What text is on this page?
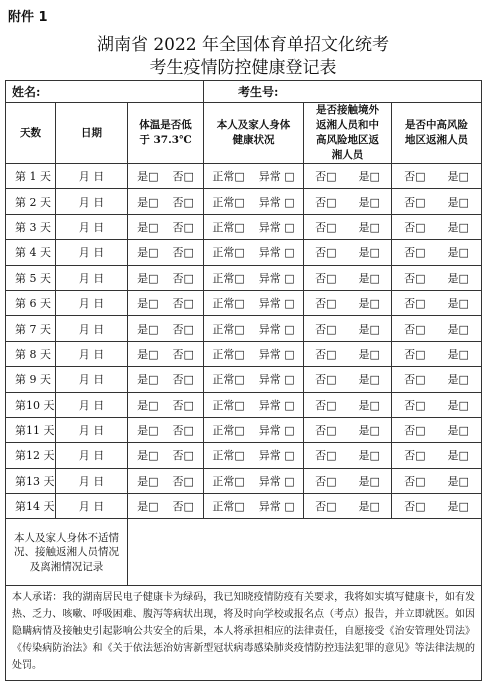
附件 1
湖南省 2022 年全国体育单招文化统考
考生疫情防控健康登记表
姓名:			考生号:		
天数	日期	体温是否低于 37.3℃	本人及家人身体健康状况	是否接触境外返湘人员和中高风险地区返湘人员	是否中高风险地区返湘人员
第 1 天	月 日	是□ 否□	正常□ 异常 □	否□ 是□	否□ 是□
第 2 天	月 日	是□ 否□	正常□ 异常 □	否□ 是□	否□ 是□
第 3 天	月 日	是□ 否□	正常□ 异常 □	否□ 是□	否□ 是□
第 4 天	月 日	是□ 否□	正常□ 异常 □	否□ 是□	否□ 是□
第 5 天	月 日	是□ 否□	正常□ 异常 □	否□ 是□	否□ 是□
第 6 天	月 日	是□ 否□	正常□ 异常 □	否□ 是□	否□ 是□
第 7 天	月 日	是□ 否□	正常□ 异常 □	否□ 是□	否□ 是□
第 8 天	月 日	是□ 否□	正常□ 异常 □	否□ 是□	否□ 是□
第 9 天	月 日	是□ 否□	正常□ 异常 □	否□ 是□	否□ 是□
第10 天	月 日	是□ 否□	正常□ 异常 □	否□ 是□	否□ 是□
第11 天	月 日	是□ 否□	正常□ 异常 □	否□ 是□	否□ 是□
第12 天	月 日	是□ 否□	正常□ 异常 □	否□ 是□	否□ 是□
第13 天	月 日	是□ 否□	正常□ 异常 □	否□ 是□	否□ 是□
第14 天	月 日	是□ 否□	正常□ 异常 □	否□ 是□	否□ 是□
本人及家人身体不适情况、接触返湘人员情况及离湘情况记录					
本人承诺：我的湖南居民电子健康卡为绿码，我已知晓疫情防疫有关要求，我将如实填写健康卡，如有发热、乏力、咳嗽、呼吸困难、腹泻等病状出现，将及时向学校或报名点（考点）报告，并立即就医。如因隐瞒病情及接触史引起影响公共安全的后果，本人将承担相应的法律责任，自愿接受《治安管理处罚法》《传染病防治法》和《关于依法惩治妨害新型冠状病毒感染肺炎疫情防控违法犯罪的意见》等法律法规的处罚。					
